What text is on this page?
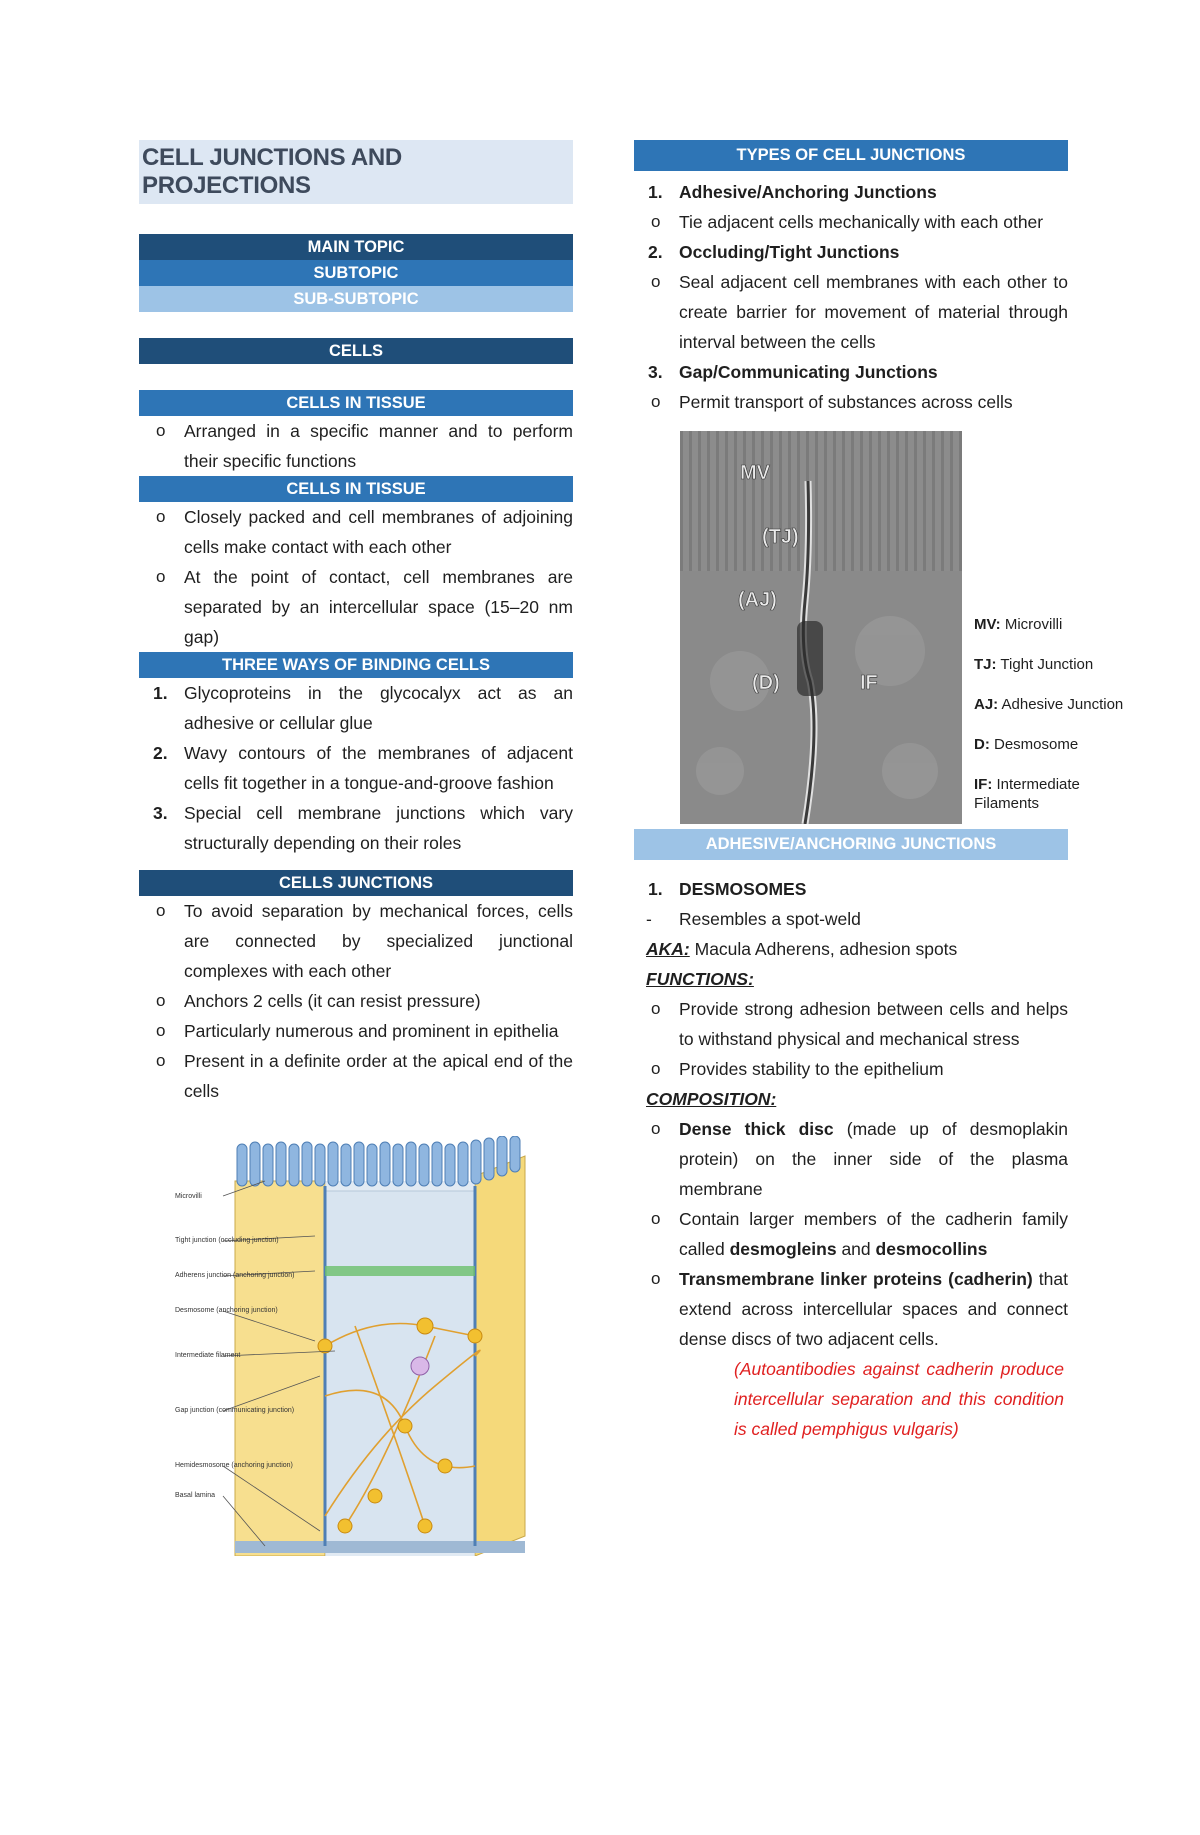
CELL JUNCTIONS AND PROJECTIONS
MAIN TOPIC
SUBTOPIC
SUB-SUBTOPIC
CELLS
CELLS IN TISSUE
o Arranged in a specific manner and to perform their specific functions
CELLS IN TISSUE
o Closely packed and cell membranes of adjoining cells make contact with each other
o At the point of contact, cell membranes are separated by an intercellular space (15–20 nm gap)
THREE WAYS OF BINDING CELLS
1. Glycoproteins in the glycocalyx act as an adhesive or cellular glue
2. Wavy contours of the membranes of adjacent cells fit together in a tongue-and-groove fashion
3. Special cell membrane junctions which vary structurally depending on their roles
CELLS JUNCTIONS
o To avoid separation by mechanical forces, cells are connected by specialized junctional complexes with each other
o Anchors 2 cells (it can resist pressure)
o Particularly numerous and prominent in epithelia
o Present in a definite order at the apical end of the cells
Microvilli
Tight junction (occluding junction)
Adherens junction (anchoring junction)
Desmosome (anchoring junction)
Intermediate filament
Gap junction (communicating junction)
Hemidesmosome (anchoring junction)
Basal lamina
TYPES OF CELL JUNCTIONS
1. Adhesive/Anchoring Junctions
o Tie adjacent cells mechanically with each other
2. Occluding/Tight Junctions
o Seal adjacent cell membranes with each other to create barrier for movement of material through interval between the cells
3. Gap/Communicating Junctions
o Permit transport of substances across cells
MV
(TJ)
(AJ)
(D)	IF
MV: Microvilli
TJ: Tight Junction
AJ: Adhesive Junction
D: Desmosome
IF: Intermediate Filaments
ADHESIVE/ANCHORING JUNCTIONS
1. DESMOSOMES
- Resembles a spot-weld
AKA: Macula Adherens, adhesion spots
FUNCTIONS:
o Provide strong adhesion between cells and helps to withstand physical and mechanical stress
o Provides stability to the epithelium
COMPOSITION:
o Dense thick disc (made up of desmoplakin protein) on the inner side of the plasma membrane
o Contain larger members of the cadherin family called desmogleins and desmocollins
o Transmembrane linker proteins (cadherin) that extend across intercellular spaces and connect dense discs of two adjacent cells.
(Autoantibodies against cadherin produce intercellular separation and this condition is called pemphigus vulgaris)
